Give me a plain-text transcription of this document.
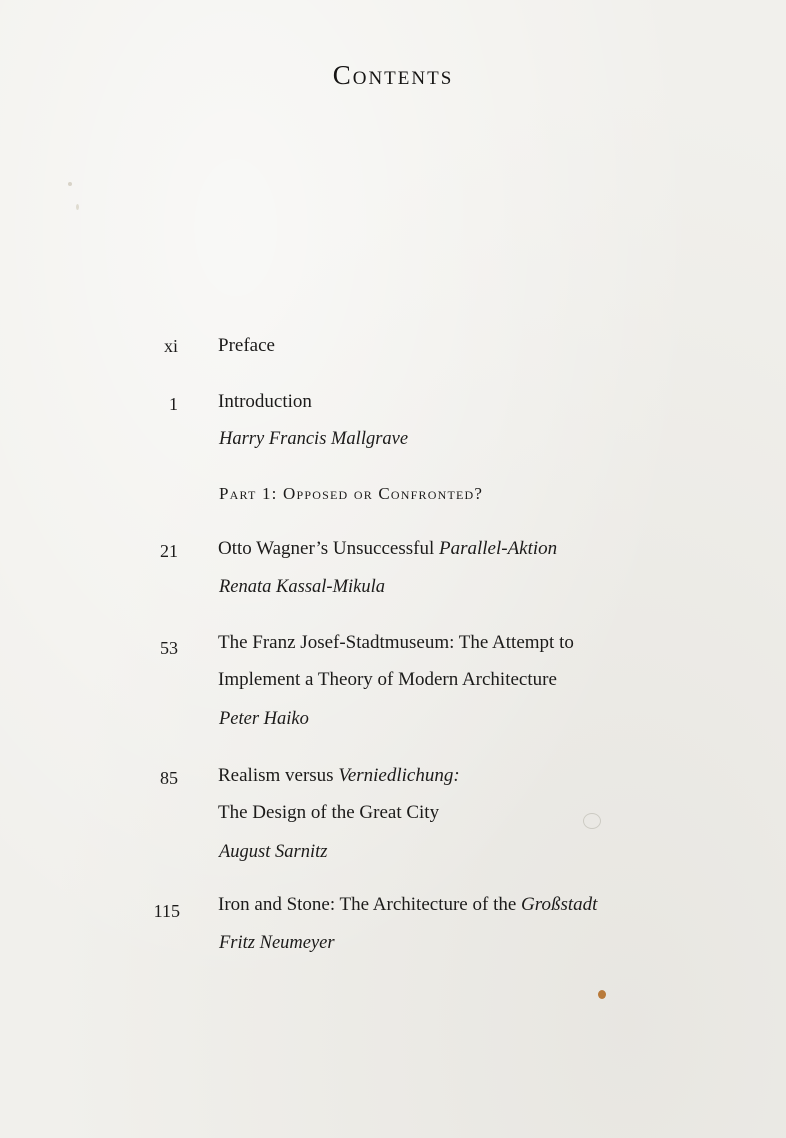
Contents
xi Preface
1 Introduction
Harry Francis Mallgrave
Part 1: Opposed or Confronted?
21 Otto Wagner’s Unsuccessful Parallel-Aktion
Renata Kassal-Mikula
53 The Franz Josef-Stadtmuseum: The Attempt to
Implement a Theory of Modern Architecture
Peter Haiko
85 Realism versus Verniedlichung:
The Design of the Great City
August Sarnitz
115 Iron and Stone: The Architecture of the Großstadt
Fritz Neumeyer
